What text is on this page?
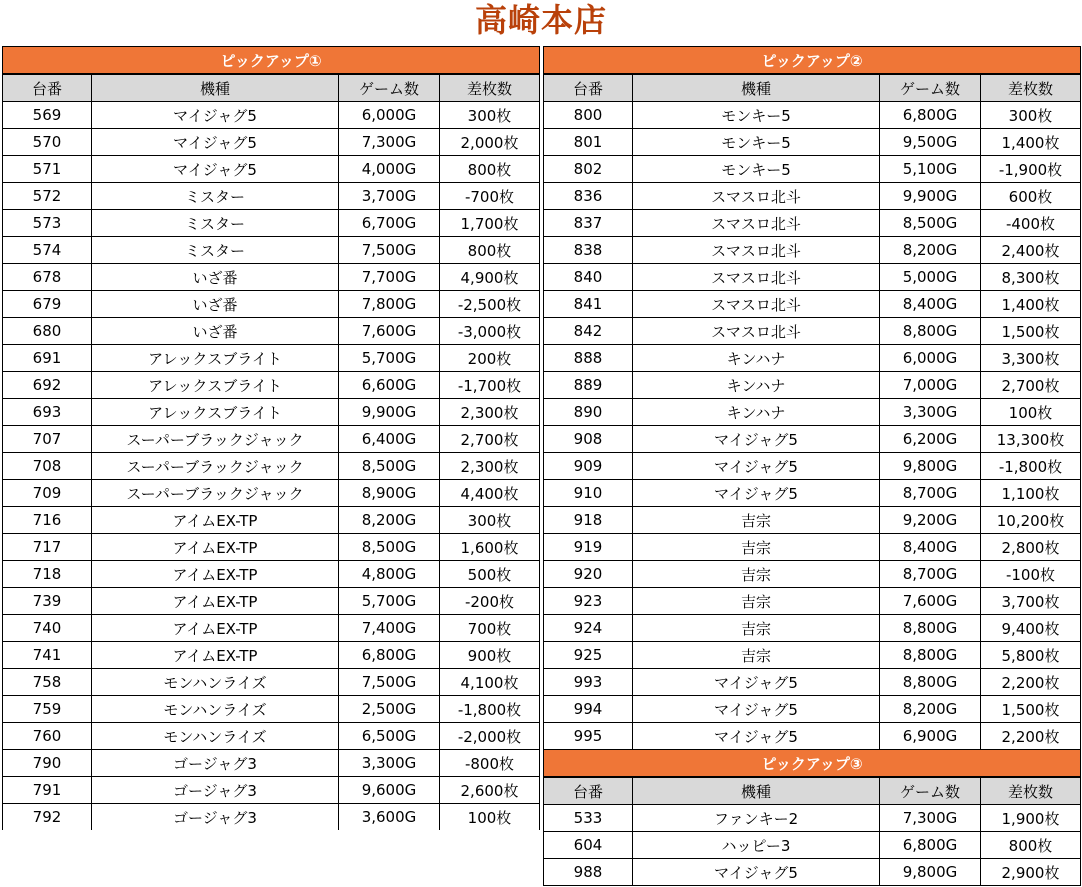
高崎本店
ピックアップ①			
台番	機種	ゲーム数	差枚数
569	マイジャグ5	6,000G	300枚
570	マイジャグ5	7,300G	2,000枚
571	マイジャグ5	4,000G	800枚
572	ミスター	3,700G	-700枚
573	ミスター	6,700G	1,700枚
574	ミスター	7,500G	800枚
678	いざ番	7,700G	4,900枚
679	いざ番	7,800G	-2,500枚
680	いざ番	7,600G	-3,000枚
691	アレックスブライト	5,700G	200枚
692	アレックスブライト	6,600G	-1,700枚
693	アレックスブライト	9,900G	2,300枚
707	スーパーブラックジャック	6,400G	2,700枚
708	スーパーブラックジャック	8,500G	2,300枚
709	スーパーブラックジャック	8,900G	4,400枚
716	アイムEX-TP	8,200G	300枚
717	アイムEX-TP	8,500G	1,600枚
718	アイムEX-TP	4,800G	500枚
739	アイムEX-TP	5,700G	-200枚
740	アイムEX-TP	7,400G	700枚
741	アイムEX-TP	6,800G	900枚
758	モンハンライズ	7,500G	4,100枚
759	モンハンライズ	2,500G	-1,800枚
760	モンハンライズ	6,500G	-2,000枚
790	ゴージャグ3	3,300G	-800枚
791	ゴージャグ3	9,600G	2,600枚
792	ゴージャグ3	3,600G	100枚
ピックアップ②			
台番	機種	ゲーム数	差枚数
800	モンキー5	6,800G	300枚
801	モンキー5	9,500G	1,400枚
802	モンキー5	5,100G	-1,900枚
836	スマスロ北斗	9,900G	600枚
837	スマスロ北斗	8,500G	-400枚
838	スマスロ北斗	8,200G	2,400枚
840	スマスロ北斗	5,000G	8,300枚
841	スマスロ北斗	8,400G	1,400枚
842	スマスロ北斗	8,800G	1,500枚
888	キンハナ	6,000G	3,300枚
889	キンハナ	7,000G	2,700枚
890	キンハナ	3,300G	100枚
908	マイジャグ5	6,200G	13,300枚
909	マイジャグ5	9,800G	-1,800枚
910	マイジャグ5	8,700G	1,100枚
918	吉宗	9,200G	10,200枚
919	吉宗	8,400G	2,800枚
920	吉宗	8,700G	-100枚
923	吉宗	7,600G	3,700枚
924	吉宗	8,800G	9,400枚
925	吉宗	8,800G	5,800枚
993	マイジャグ5	8,800G	2,200枚
994	マイジャグ5	8,200G	1,500枚
995	マイジャグ5	6,900G	2,200枚
ピックアップ③			
台番	機種	ゲーム数	差枚数
533	ファンキー2	7,300G	1,900枚
604	ハッピー3	6,800G	800枚
988	マイジャグ5	9,800G	2,900枚
